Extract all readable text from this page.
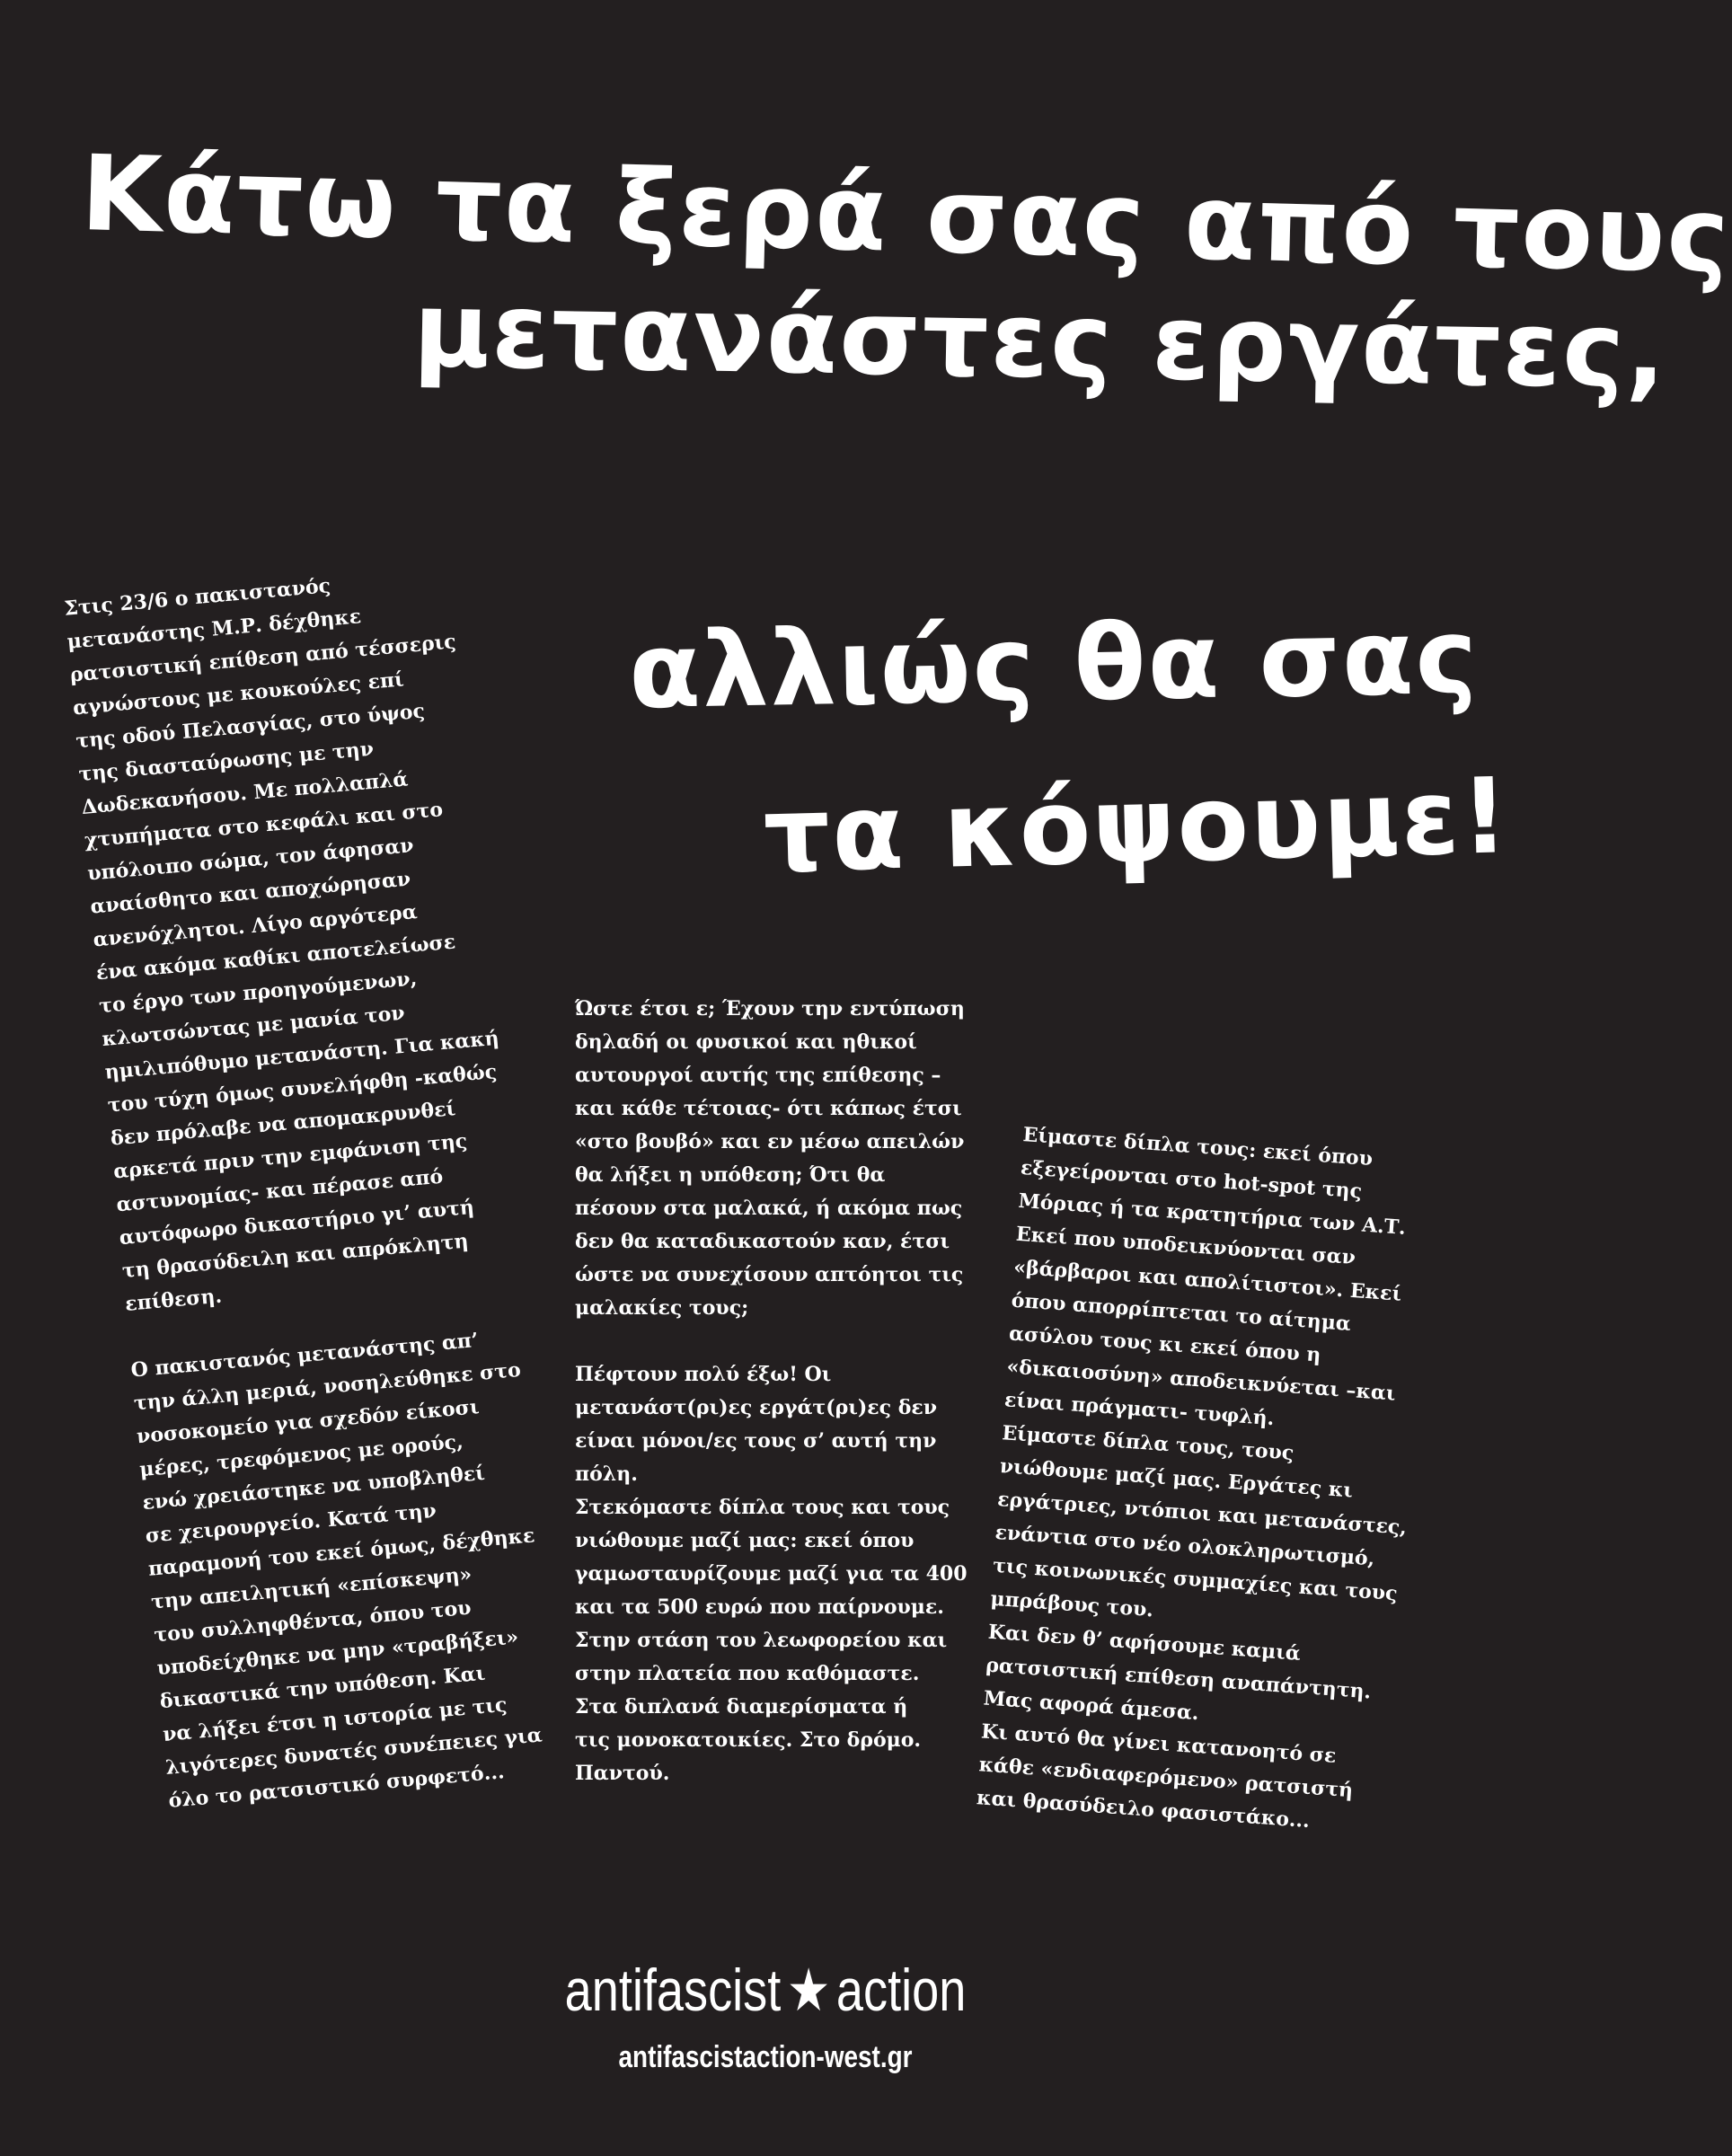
Κάτω τα ξερά σας από τους
μετανάστες εργάτες,
αλλιώς θα σας
τα κόψουμε!

Στις 23/6 ο πακιστανός
μετανάστης Μ.Ρ. δέχθηκε
ρατσιστική επίθεση από τέσσερις
αγνώστους με κουκούλες επί
της οδού Πελασγίας, στο ύψος
της διασταύρωσης με την
Δωδεκανήσου. Με πολλαπλά
χτυπήματα στο κεφάλι και στο
υπόλοιπο σώμα, τον άφησαν
αναίσθητο και αποχώρησαν
ανενόχλητοι. Λίγο αργότερα
ένα ακόμα καθίκι αποτελείωσε
το έργο των προηγούμενων,
κλωτσώντας με μανία τον
ημιλιπόθυμο μετανάστη. Για κακή
του τύχη όμως συνελήφθη -καθώς
δεν πρόλαβε να απομακρυνθεί
αρκετά πριν την εμφάνιση της
αστυνομίας- και πέρασε από
αυτόφωρο δικαστήριο γι’ αυτή
τη θρασύδειλη και απρόκλητη
επίθεση.

Ο πακιστανός μετανάστης απ’
την άλλη μεριά, νοσηλεύθηκε στο
νοσοκομείο για σχεδόν είκοσι
μέρες, τρεφόμενος με ορούς,
ενώ χρειάστηκε να υποβληθεί
σε χειρουργείο. Κατά την
παραμονή του εκεί όμως, δέχθηκε
την απειλητική «επίσκεψη»
του συλληφθέντα, όπου του
υποδείχθηκε να μην «τραβήξει»
δικαστικά την υπόθεση. Και
να λήξει έτσι η ιστορία με τις
λιγότερες δυνατές συνέπειες για
όλο το ρατσιστικό συρφετό...

Ώστε έτσι ε; Έχουν την εντύπωση
δηλαδή οι φυσικοί και ηθικοί
αυτουργοί αυτής της επίθεσης –
και κάθε τέτοιας- ότι κάπως έτσι
«στο βουβό» και εν μέσω απειλών
θα λήξει η υπόθεση; Ότι θα
πέσουν στα μαλακά, ή ακόμα πως
δεν θα καταδικαστούν καν, έτσι
ώστε να συνεχίσουν απτόητοι τις
μαλακίες τους;

Πέφτουν πολύ έξω! Οι
μετανάστ(ρι)ες εργάτ(ρι)ες δεν
είναι μόνοι/ες τους σ’ αυτή την
πόλη.
Στεκόμαστε δίπλα τους και τους
νιώθουμε μαζί μας: εκεί όπου
γαμωσταυρίζουμε μαζί για τα 400
και τα 500 ευρώ που παίρνουμε.
Στην στάση του λεωφορείου και
στην πλατεία που καθόμαστε.
Στα διπλανά διαμερίσματα ή
τις μονοκατοικίες. Στο δρόμο.
Παντού.

Είμαστε δίπλα τους: εκεί όπου
εξεγείρονται στο hot-spot της
Μόριας ή τα κρατητήρια των Α.Τ.
Εκεί που υποδεικνύονται σαν
«βάρβαροι και απολίτιστοι». Εκεί
όπου απορρίπτεται το αίτημα
ασύλου τους κι εκεί όπου η
«δικαιοσύνη» αποδεικνύεται –και
είναι πράγματι- τυφλή.
Είμαστε δίπλα τους, τους
νιώθουμε μαζί μας. Εργάτες κι
εργάτριες, ντόπιοι και μετανάστες,
ενάντια στο νέο ολοκληρωτισμό,
τις κοινωνικές συμμαχίες και τους
μπράβους του.
Και δεν θ’ αφήσουμε καμιά
ρατσιστική επίθεση αναπάντητη.
Μας αφορά άμεσα.
Κι αυτό θα γίνει κατανοητό σε
κάθε «ενδιαφερόμενο» ρατσιστή
και θρασύδειλο φασιστάκο...

antifascist★action
antifascistaction-west.gr
